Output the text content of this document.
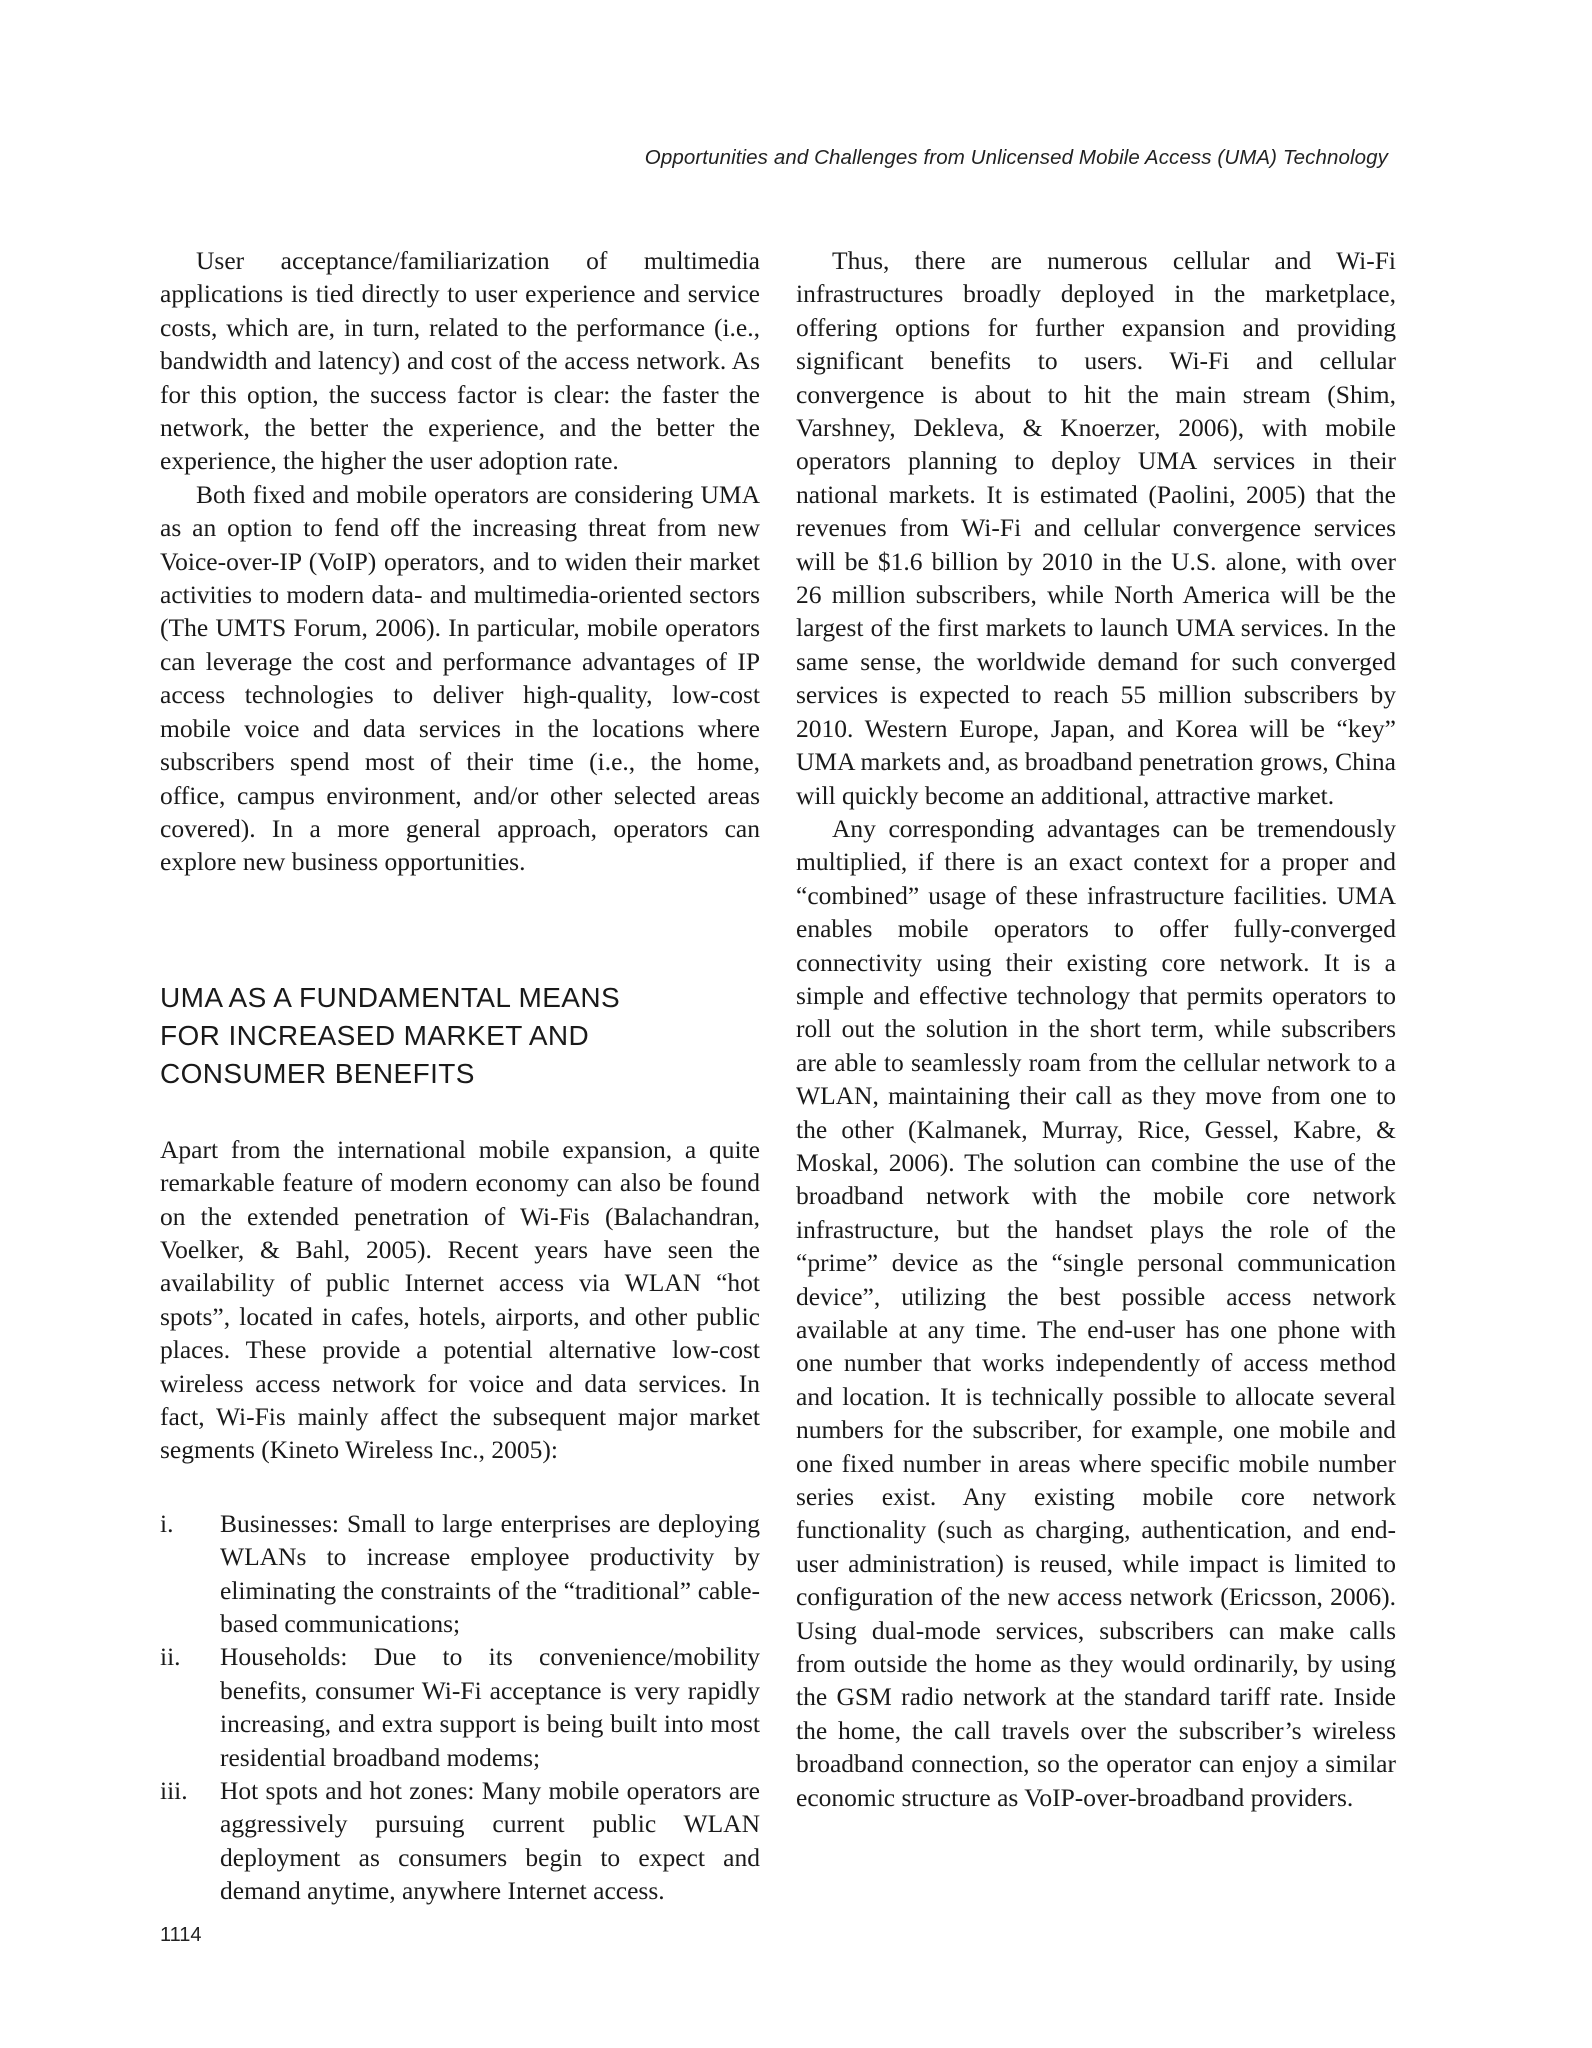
Opportunities and Challenges from Unlicensed Mobile Access (UMA) Technology

User acceptance/familiarization of multimedia applications is tied directly to user experience and service costs, which are, in turn, related to the performance (i.e., bandwidth and latency) and cost of the access network. As for this option, the success factor is clear: the faster the network, the better the experience, and the better the experience, the higher the user adoption rate.

Both fixed and mobile operators are considering UMA as an option to fend off the increasing threat from new Voice-over-IP (VoIP) operators, and to widen their market activities to modern data- and multimedia-oriented sectors (The UMTS Forum, 2006). In particular, mobile operators can leverage the cost and performance advantages of IP access technologies to deliver high-quality, low-cost mobile voice and data services in the locations where subscribers spend most of their time (i.e., the home, office, campus environment, and/or other selected areas covered). In a more general approach, operators can explore new business opportunities.

UMA AS A FUNDAMENTAL MEANS
FOR INCREASED MARKET AND
CONSUMER BENEFITS

Apart from the international mobile expansion, a quite remarkable feature of modern economy can also be found on the extended penetration of Wi-Fis (Balachandran, Voelker, & Bahl, 2005). Recent years have seen the availability of public Internet access via WLAN “hot spots”, located in cafes, hotels, airports, and other public places. These provide a potential alternative low-cost wireless access network for voice and data services. In fact, Wi-Fis mainly affect the subsequent major market segments (Kineto Wireless Inc., 2005):

i.	Businesses: Small to large enterprises are deploying WLANs to increase employee productivity by eliminating the constraints of the “traditional” cable-based communications;
ii.	Households: Due to its convenience/mobility benefits, consumer Wi-Fi acceptance is very rapidly increasing, and extra support is being built into most residential broadband modems;
iii.	Hot spots and hot zones: Many mobile operators are aggressively pursuing current public WLAN deployment as consumers begin to expect and demand anytime, anywhere Internet access.

Thus, there are numerous cellular and Wi-Fi infrastructures broadly deployed in the marketplace, offering options for further expansion and providing significant benefits to users. Wi-Fi and cellular convergence is about to hit the main stream (Shim, Varshney, Dekleva, & Knoerzer, 2006), with mobile operators planning to deploy UMA services in their national markets. It is estimated (Paolini, 2005) that the revenues from Wi-Fi and cellular convergence services will be $1.6 billion by 2010 in the U.S. alone, with over 26 million subscribers, while North America will be the largest of the first markets to launch UMA services. In the same sense, the worldwide demand for such converged services is expected to reach 55 million subscribers by 2010. Western Europe, Japan, and Korea will be “key” UMA markets and, as broadband penetration grows, China will quickly become an additional, attractive market.

Any corresponding advantages can be tremendously multiplied, if there is an exact context for a proper and “combined” usage of these infrastructure facilities. UMA enables mobile operators to offer fully-converged connectivity using their existing core network. It is a simple and effective technology that permits operators to roll out the solution in the short term, while subscribers are able to seamlessly roam from the cellular network to a WLAN, maintaining their call as they move from one to the other (Kalmanek, Murray, Rice, Gessel, Kabre, & Moskal, 2006). The solution can combine the use of the broadband network with the mobile core network infrastructure, but the handset plays the role of the “prime” device as the “single personal communication device”, utilizing the best possible access network available at any time. The end-user has one phone with one number that works independently of access method and location. It is technically possible to allocate several numbers for the subscriber, for example, one mobile and one fixed number in areas where specific mobile number series exist. Any existing mobile core network functionality (such as charging, authentication, and end-user administration) is reused, while impact is limited to configuration of the new access network (Ericsson, 2006). Using dual-mode services, subscribers can make calls from outside the home as they would ordinarily, by using the GSM radio network at the standard tariff rate. Inside the home, the call travels over the subscriber’s wireless broadband connection, so the operator can enjoy a similar economic structure as VoIP-over-broadband providers.

1114
